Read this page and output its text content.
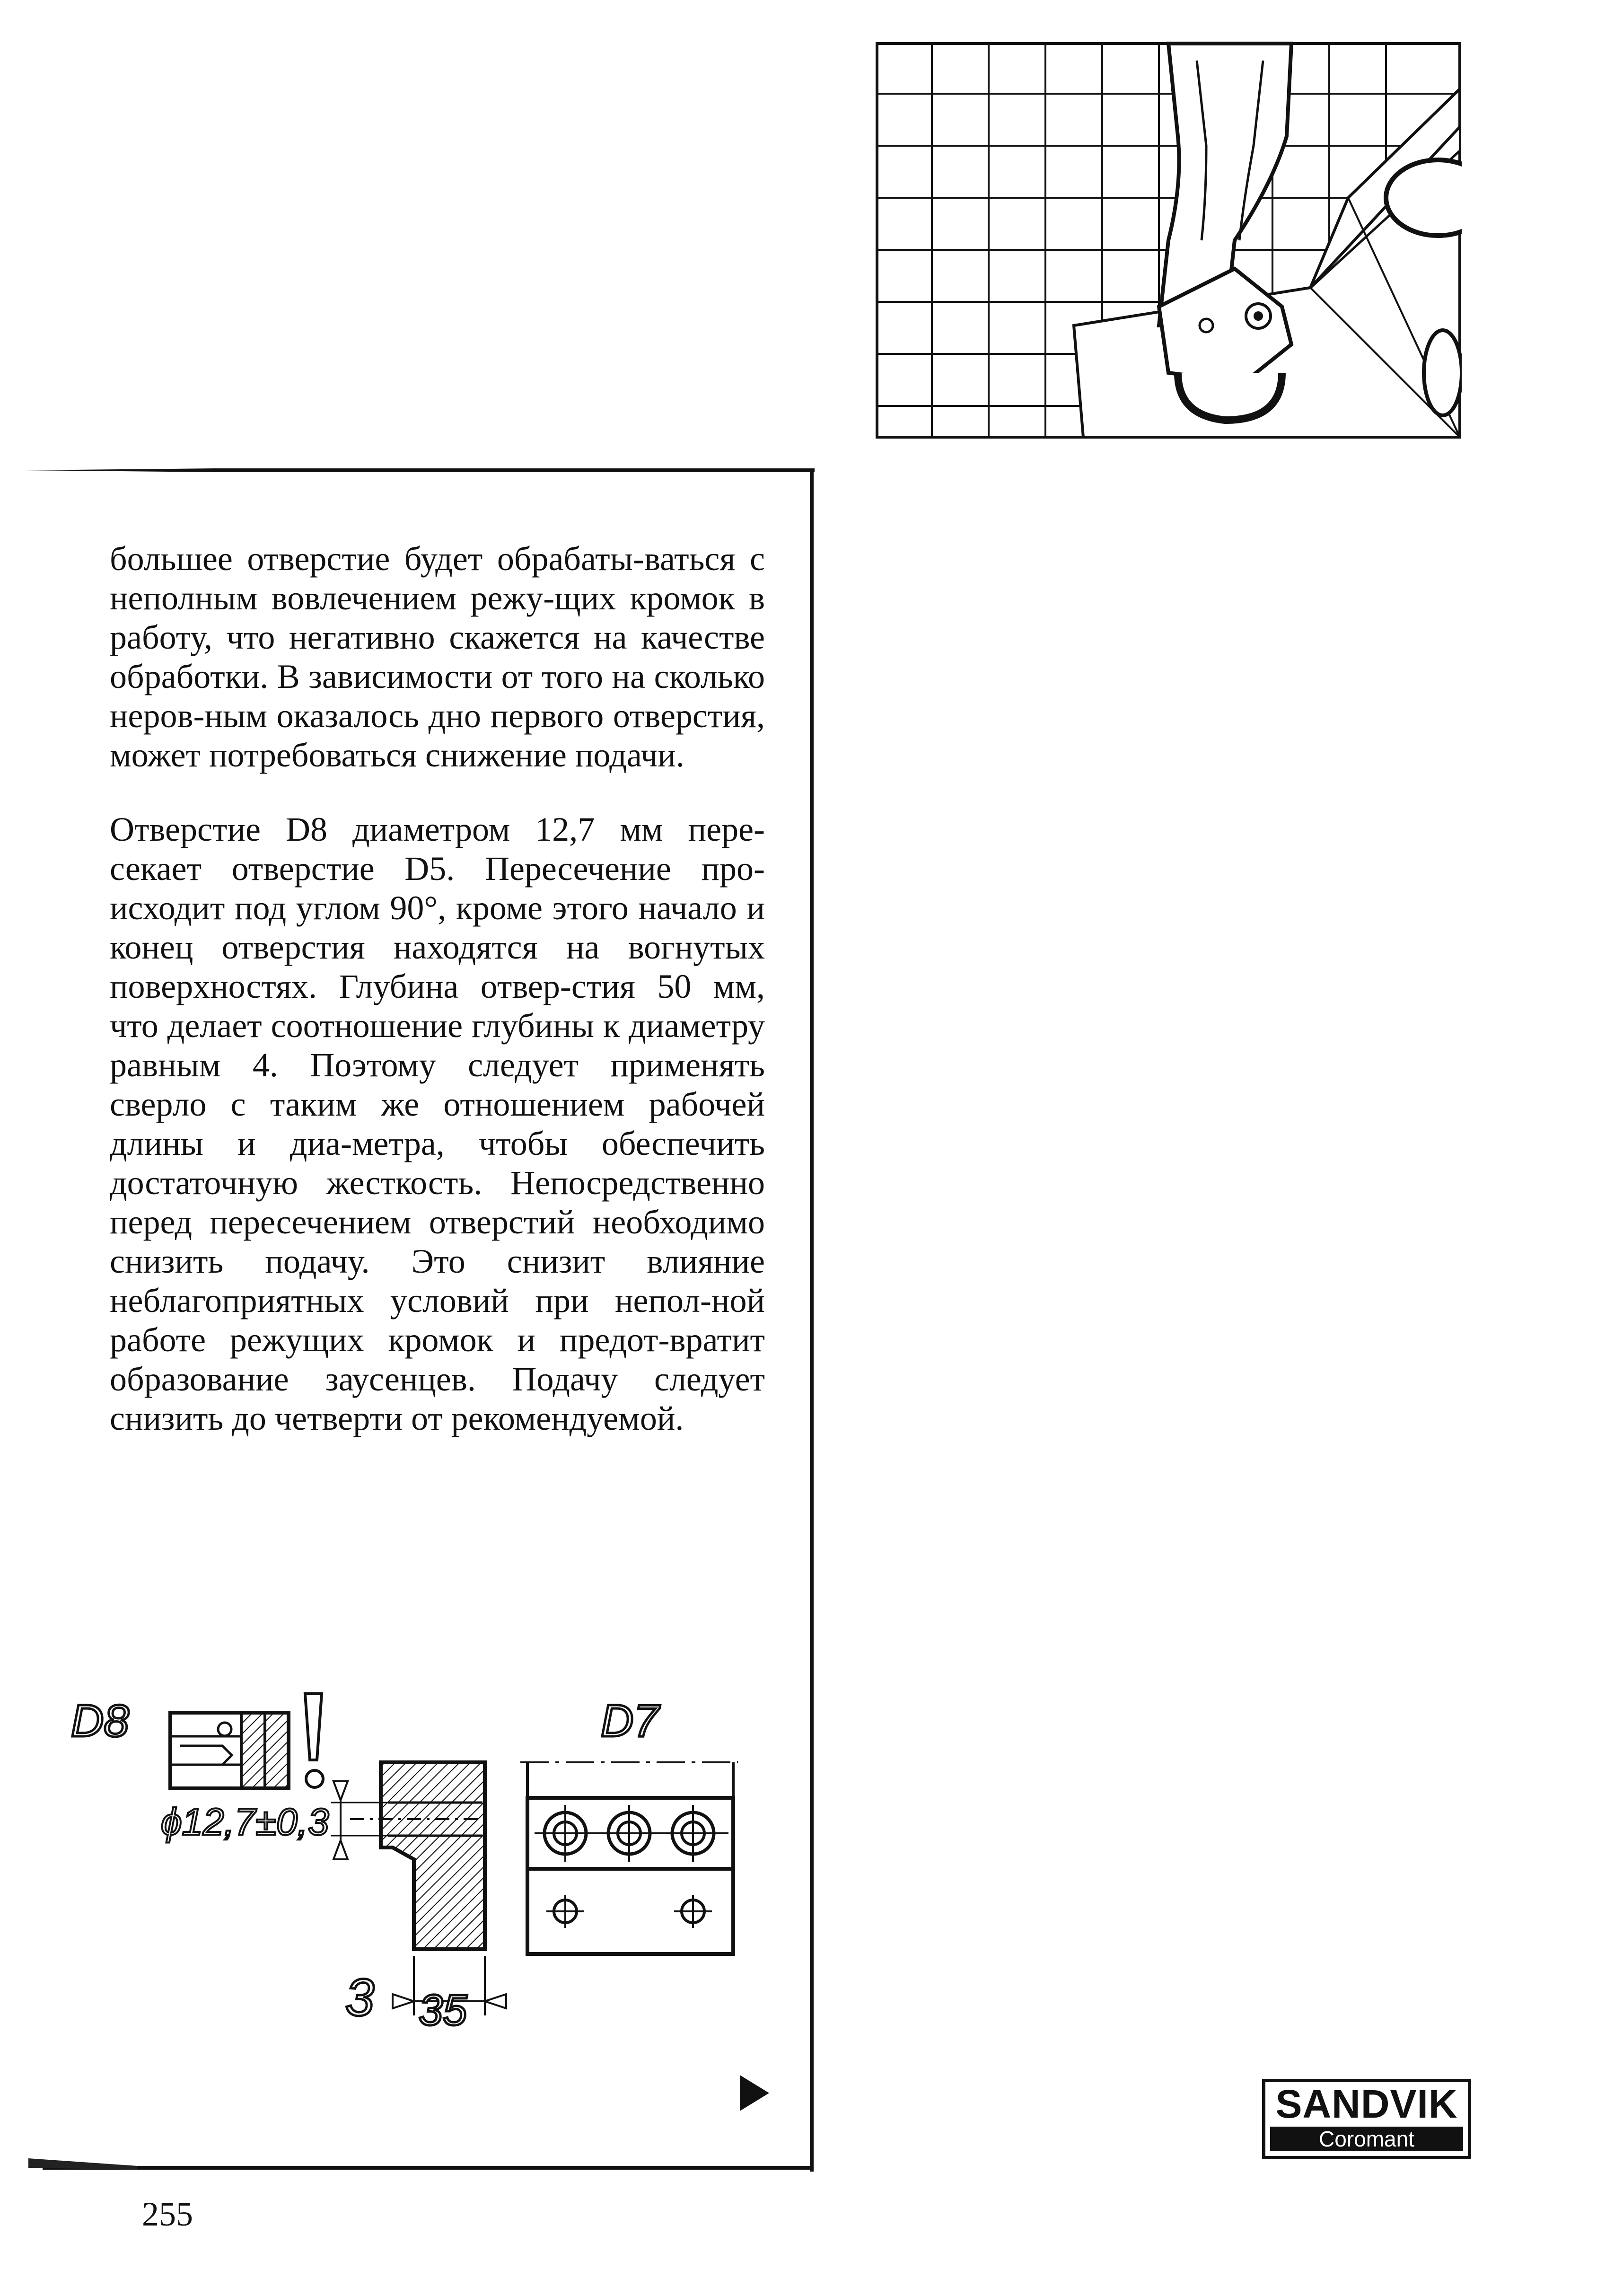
большее отверстие будет обрабаты-ваться с неполным вовлечением режу-щих кромок в работу, что негативно скажется на качестве обработки. В зависимости от того на сколько неров-ным оказалось дно первого отверстия, может потребоваться снижение подачи.

Отверстие D8 диаметром 12,7 мм пере-секает отверстие D5. Пересечение про-исходит под углом 90°, кроме этого начало и конец отверстия находятся на вогнутых поверхностях. Глубина отвер-стия 50 мм, что делает соотношение глубины к диаметру равным 4. Поэтому следует применять сверло с таким же отношением рабочей длины и диа-метра, чтобы обеспечить достаточную жесткость. Непосредственно перед пересечением отверстий необходимо снизить подачу. Это снизит влияние неблагоприятных условий при непол-ной работе режущих кромок и предот-вратит образование заусенцев. Подачу следует снизить до четверти от рекомендуемой.

D8
ϕ12,7±0,3
3 35
D7
SANDVIK
Coromant
255
